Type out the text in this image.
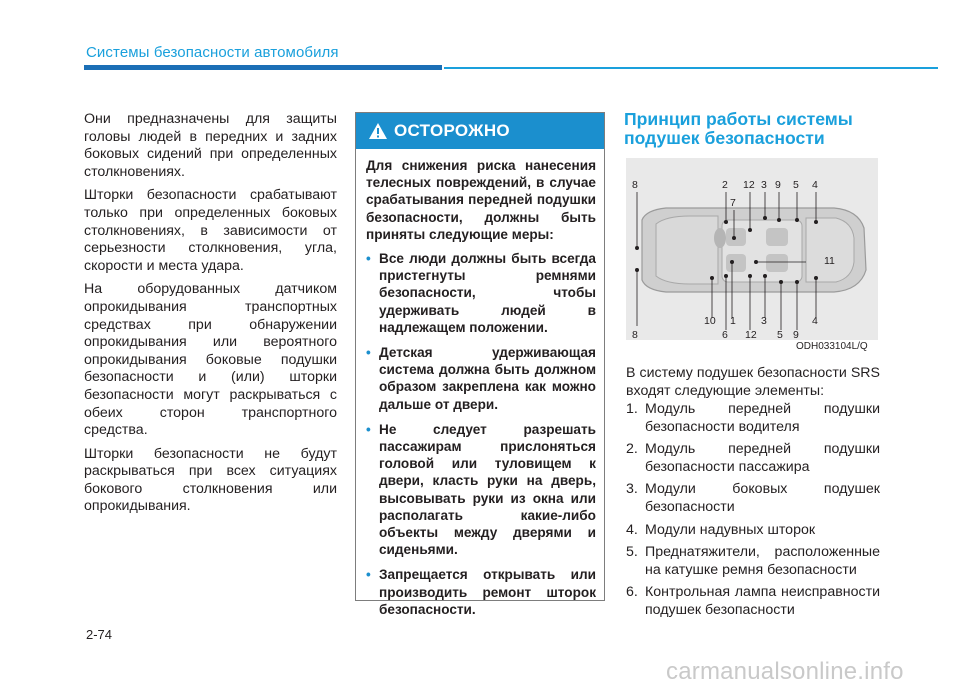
Системы безопасности автомобиля

Они предназначены для защиты головы людей в передних и задних боковых сидений при определенных столкновениях.

Шторки безопасности срабатывают только при определенных боковых столкновениях, в зависимости от серьезности столкновения, угла, скорости и места удара.

На оборудованных датчиком опрокидывания транспортных средствах при обнаружении опрокидывания или вероятного опрокидывания боковые подушки безопасности и (или) шторки безопасности могут раскрываться с обеих сторон транспортного средства.

Шторки безопасности не будут раскрываться при всех ситуациях бокового столкновения или опрокидывания.

ОСТОРОЖНО

Для снижения риска нанесения телесных повреждений, в случае срабатывания передней подушки безопасности, должны быть приняты следующие меры:

• Все люди должны быть всегда пристегнуты ремнями безопасности, чтобы удерживать людей в надлежащем положении.
• Детская удерживающая система должна быть должном образом закреплена как можно дальше от двери.
• Не следует разрешать пассажирам прислоняться головой или туловищем к двери, класть руки на дверь, высовывать руки из окна или располагать какие-либо объекты между дверями и сиденьями.
• Запрещается открывать или производить ремонт шторок безопасности.
Принцип работы системы подушек безопасности
8	2 12 3 9 5 4
7
11
8
10 1
6 12
3
5 9
4
ODH033104L/Q
В систему подушек безопасности SRS входят следующие элементы:
1. Модуль передней подушки безопасности водителя
2. Модуль передней подушки безопасности пассажира
3. Модули боковых подушек безопасности
4. Модули надувных шторок
5. Преднатяжители, расположенные на катушке ремня безопасности
6. Контрольная лампа неисправности подушек безопасности
2-74
carmanualsonline.info
